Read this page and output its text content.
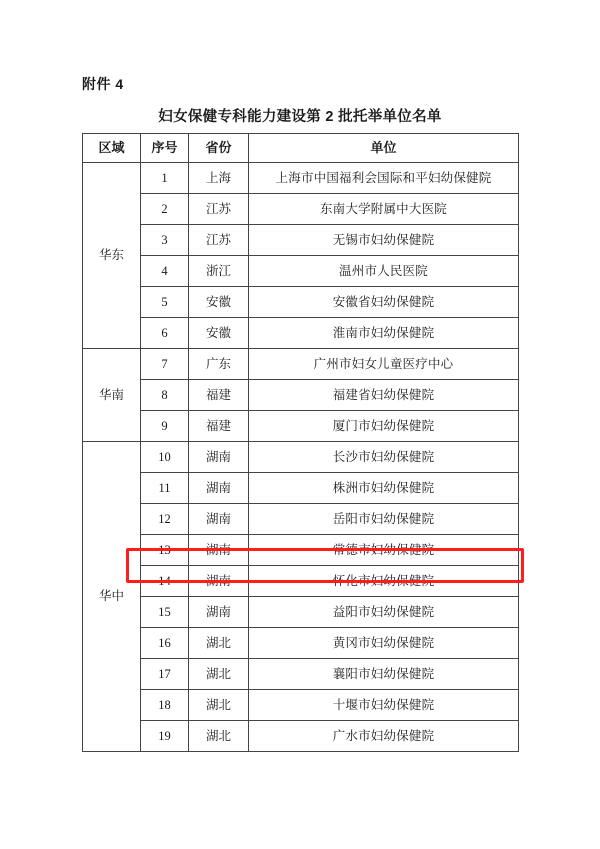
附件 4
妇女保健专科能力建设第 2 批托举单位名单
区域	序号	省份	单位
华东	1	上海	上海市中国福利会国际和平妇幼保健院
	2	江苏	东南大学附属中大医院
	3	江苏	无锡市妇幼保健院
	4	浙江	温州市人民医院
	5	安徽	安徽省妇幼保健院
	6	安徽	淮南市妇幼保健院
华南	7	广东	广州市妇女儿童医疗中心
	8	福建	福建省妇幼保健院
	9	福建	厦门市妇幼保健院
华中	10	湖南	长沙市妇幼保健院
	11	湖南	株洲市妇幼保健院
	12	湖南	岳阳市妇幼保健院
	13	湖南	常德市妇幼保健院
	14	湖南	怀化市妇幼保健院
	15	湖南	益阳市妇幼保健院
	16	湖北	黄冈市妇幼保健院
	17	湖北	襄阳市妇幼保健院
	18	湖北	十堰市妇幼保健院
	19	湖北	广水市妇幼保健院
